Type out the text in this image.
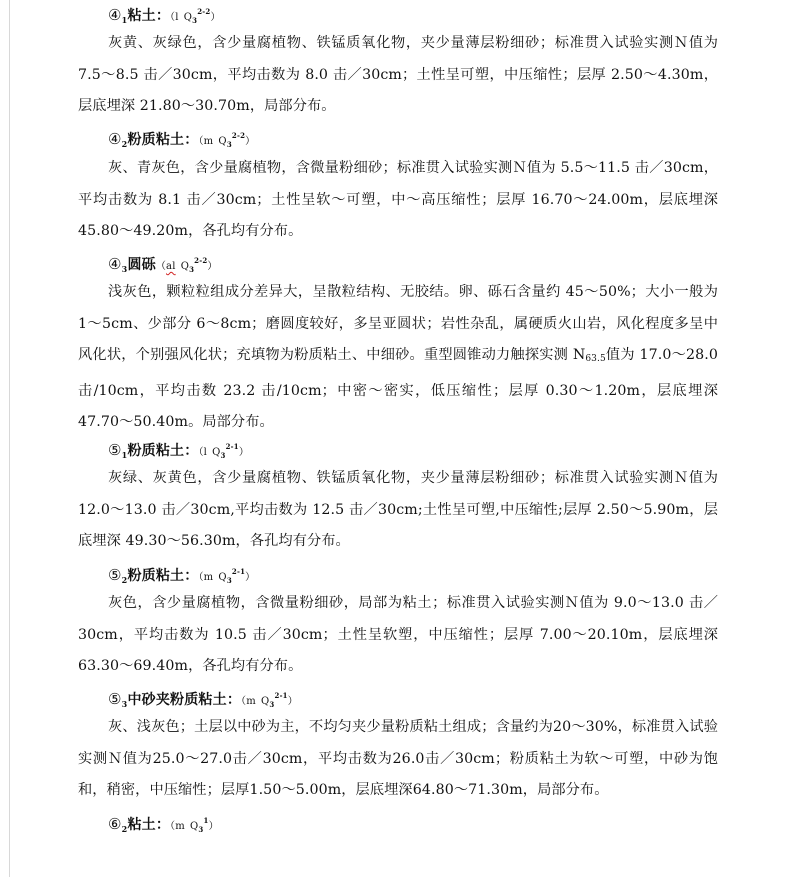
$④_1$粘土：（l $Q_3^{2-2}$）
灰黄、灰绿色，含少量腐植物、铁锰质氧化物，夹少量薄层粉细砂；标准贯入试验实测Ｎ值为 7.5～8.5 击／30cm，平均击数为 8.0 击／30cm；土性呈可塑，中压缩性；层厚 2.50～4.30m，层底埋深 21.80～30.70m，局部分布。
$④_2$粉质粘土：（m $Q_3^{2-2}$）
灰、青灰色，含少量腐植物，含微量粉细砂；标准贯入试验实测Ｎ值为 5.5～11.5 击／30cm，平均击数为 8.1 击／30cm；土性呈软～可塑，中～高压缩性；层厚 16.70～24.00m，层底埋深 45.80～49.20m，各孔均有分布。
$④_3$圆砾（al $Q_3^{2-2}$）
浅灰色，颗粒粒组成分差异大，呈散粒结构、无胶结。卵、砾石含量约 45～50%；大小一般为 1～5cm、少部分 6～8cm；磨圆度较好，多呈亚圆状；岩性杂乱，属硬质火山岩，风化程度多呈中风化状，个别强风化状；充填物为粉质粘土、中细砂。重型圆锥动力触探实测 N63.5值为 17.0～28.0 击/10cm，平均击数 23.2 击/10cm；中密～密实，低压缩性；层厚 0.30～1.20m，层底埋深 47.70～50.40m。局部分布。
$⑤_1$粉质粘土：（l $Q_3^{2-1}$）
灰绿、灰黄色，含少量腐植物、铁锰质氧化物，夹少量薄层粉细砂；标准贯入试验实测Ｎ值为 12.0～13.0 击／30cm,平均击数为 12.5 击／30cm;土性呈可塑,中压缩性;层厚 2.50～5.90m，层底埋深 49.30～56.30m，各孔均有分布。
$⑤_2$粉质粘土：（m $Q_3^{2-1}$）
灰色，含少量腐植物，含微量粉细砂，局部为粘土；标准贯入试验实测Ｎ值为 9.0～13.0 击／30cm，平均击数为 10.5 击／30cm；土性呈软塑，中压缩性；层厚 7.00～20.10m，层底埋深 63.30～69.40m，各孔均有分布。
$⑤_3$中砂夹粉质粘土：（m $Q_3^{2-1}$）
灰、浅灰色；土层以中砂为主，不均匀夹少量粉质粘土组成；含量约为20～30%，标准贯入试验实测Ｎ值为25.0～27.0击／30cm，平均击数为26.0击／30cm；粉质粘土为软～可塑，中砂为饱和，稍密，中压缩性；层厚1.50～5.00m，层底埋深64.80～71.30m，局部分布。
$⑥_2$粘土：（m $Q_3^1$）
